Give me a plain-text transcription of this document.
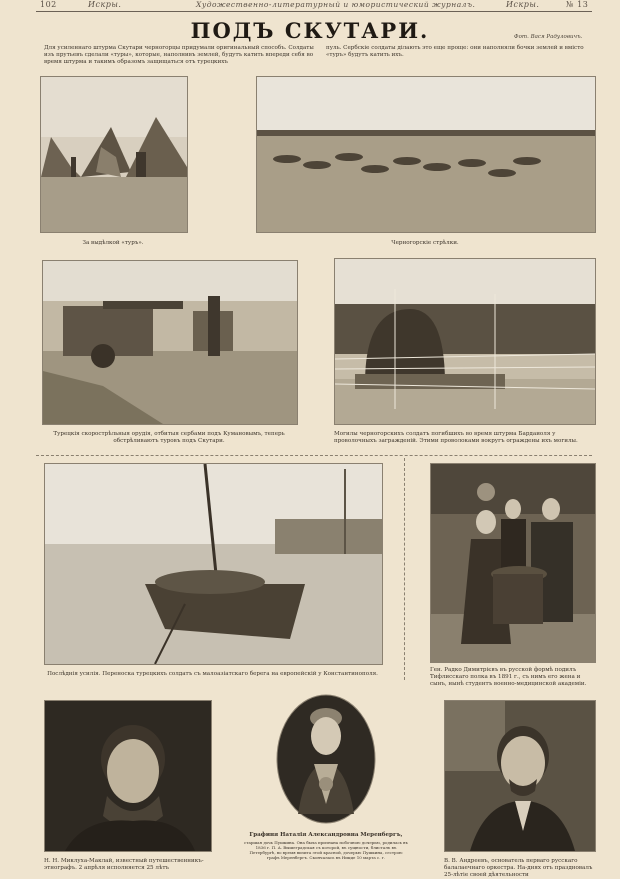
102	Искры.	Художественно-литературный и юмористический журналъ.	Искры.	№ 13
ПОДЪ СКУТАРИ.	Фот. Вася Радуловичъ.
Для усиленнаго штурма Скутари черногорцы придумали оригинальный способъ. Солдаты изъ прутьевъ сделали «туры», которые, наполнивъ землей, будутъ катить впереди себя во время штурма и такимъ образомъ защищаться отъ турецкихъ
пуль. Сербскіе солдаты ділають это еще проще: они наполняли бочки землей и вмісто «туръ» будутъ катить ихъ.
За выдѣлкой «туръ».	Черногорскіе стрѣлки.
Турецкія скорострѣльныя орудія, отбитыя сербами подъ Кумановымъ, теперь обстрѣливаютъ туровъ подъ Скутари.
Могилы черногорскихъ солдатъ погибшихъ во время штурма Бардаиоля у проволочныхъ загражденій. Этими проволоками вокругъ ограждены ихъ могилы.
Послѣднія усилія. Переноска турецкихъ солдатъ съ малоазіатскаго берега на европейскій у Константинополя.
Ген. Радко Димитрієвъ въ русской формѣ подилъ Тифлисскаго полка въ 1891 г., съ нимъ его жена и сынъ, нынѣ студентъ военно-медицинской академіи.
Н. Н. Миклуха-Маклай, известный путешественникъ-этнографъ. 2 апрѣля исполняется 25 лѣтъ
Графиня Наталія Александровна Меренбергъ,
старшая дочь Пушкина. Она была признана побочною дочерью, родилась въ 1836 г. П. А. Вышеградская съ которой, въ сущности, блисталъ въ Петербургѣ, во время визита этой красной, дочерью Пушкина, сестрою графъ Меренбергъ. Скончалась въ Ницце 10 марта с. г.
В. В. Андреевъ, основатель перваго русскаго балалаечнаго оркестра. На-днях отъ праздновалъ 25-лѣтіе своей дѣятельности
